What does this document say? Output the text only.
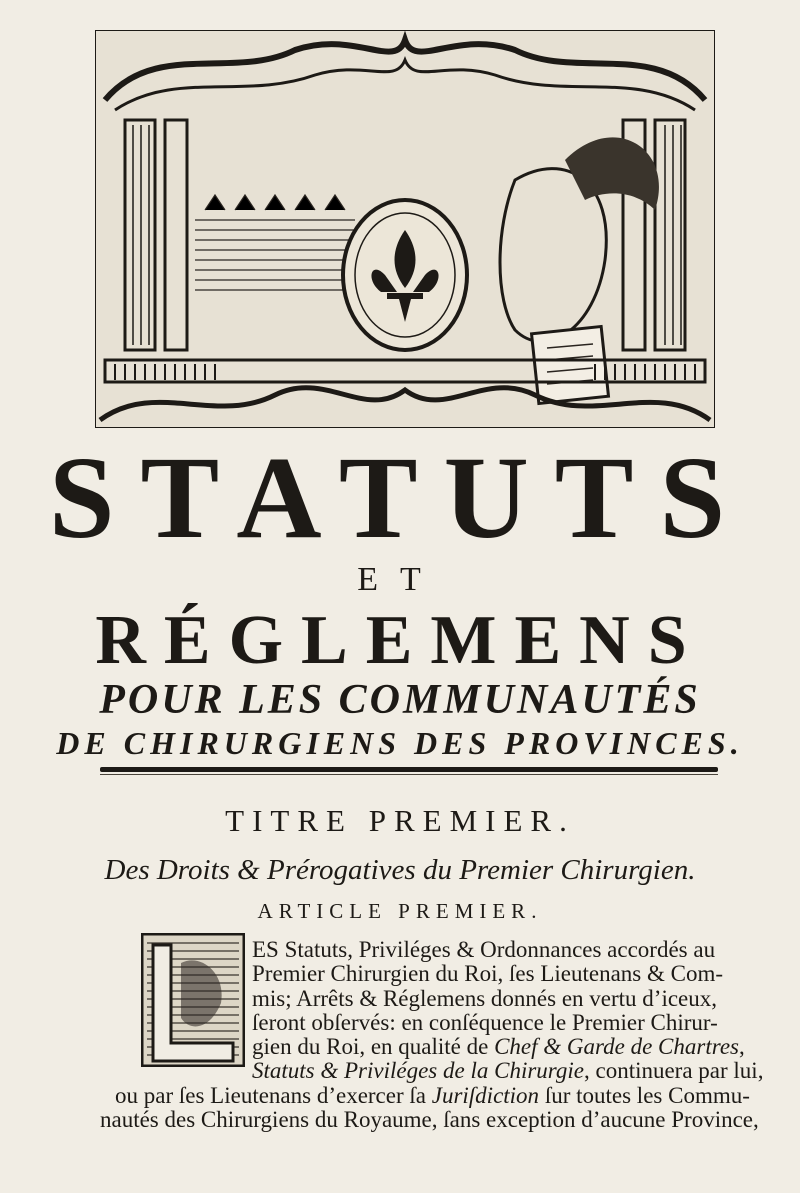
STATUTS
ET
RÉGLEMENS
POUR LES COMMUNAUTÉS
DE CHIRURGIENS DES PROVINCES.
TITRE PREMIER.
Des Droits & Prérogatives du Premier Chirurgien.
ARTICLE PREMIER.
ES Statuts, Priviléges & Ordonnances accordés au
Premier Chirurgien du Roi, ſes Lieutenans & Com-
mis; Arrêts & Réglemens donnés en vertu d’iceux,
ſeront obſervés: en conſéquence le Premier Chirur-
gien du Roi, en qualité de Chef & Garde de Chartres,
Statuts & Priviléges de la Chirurgie, continuera par lui,
ou par ſes Lieutenans d’exercer ſa Juriſdiction ſur toutes les Commu-
nautés des Chirurgiens du Royaume, ſans exception d’aucune Province,
